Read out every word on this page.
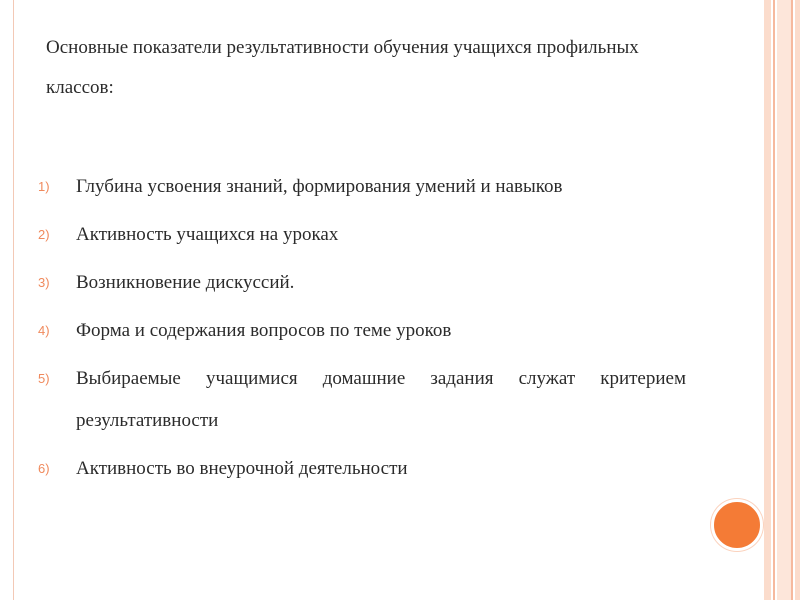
Основные показатели результативности обучения учащихся профильных классов:
1) Глубина усвоения знаний, формирования умений и навыков
2) Активность учащихся на уроках
3) Возникновение дискуссий.
4) Форма и содержания вопросов по теме уроков
5) Выбираемые учащимися домашние задания служат критерием результативности
6) Активность во внеурочной деятельности
